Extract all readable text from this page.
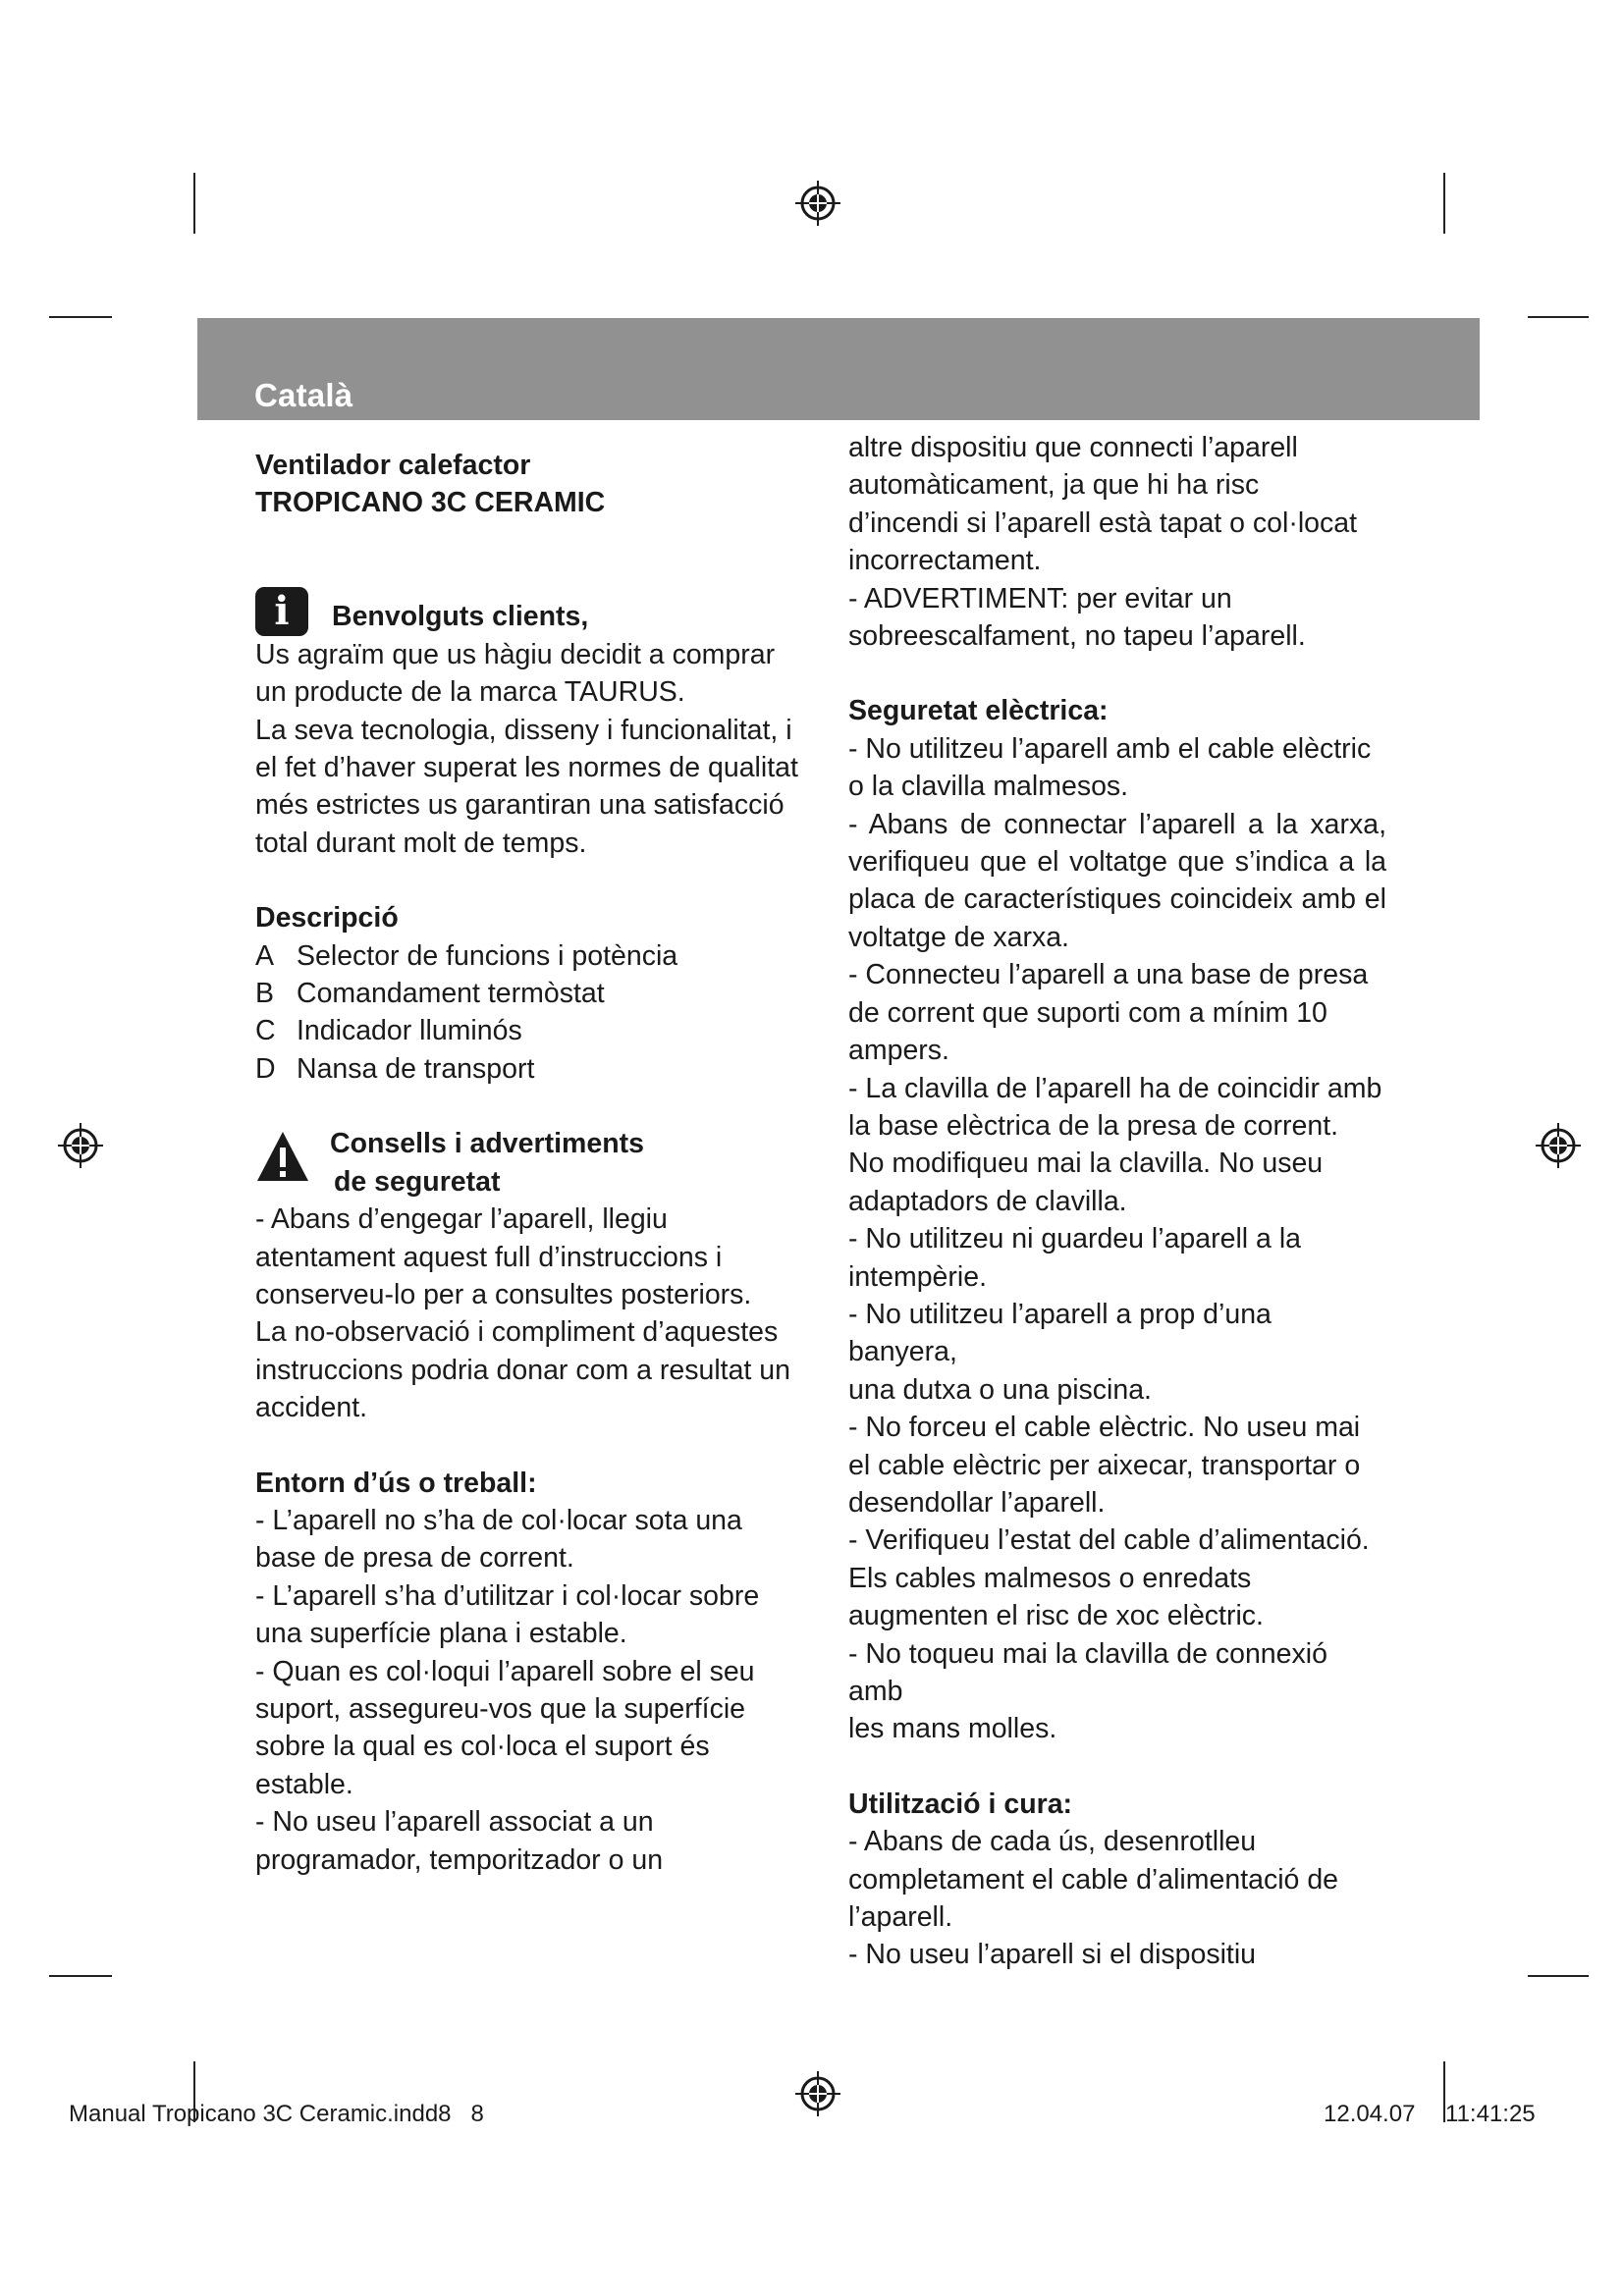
Català

Ventilador calefactor

TROPICANO 3C CERAMIC

i	Benvolguts clients,

Us agraïm que us hàgiu decidit a comprar

un producte de la marca TAURUS.

La seva tecnologia, disseny i funcionalitat, i

el fet d’haver superat les normes de qualitat

més estrictes us garantiran una satisfacció

total durant molt de temps.

Descripció

A Selector de funcions i potència
B Comandament termòstat
C Indicador lluminós
D Nansa de transport

Consells i advertiments

de seguretat

- Abans d’engegar l’aparell, llegiu

atentament aquest full d’instruccions i

conserveu-lo per a consultes posteriors.

La no-observació i compliment d’aquestes

instruccions podria donar com a resultat un

accident.

Entorn d’ús o treball:

- L’aparell no s’ha de col·locar sota una

base de presa de corrent.

- L’aparell s’ha d’utilitzar i col·locar sobre

una superfície plana i estable.

- Quan es col·loqui l’aparell sobre el seu

suport, assegureu-vos que la superfície

sobre la qual es col·loca el suport és

estable.

- No useu l’aparell associat a un

programador, temporitzador o un

altre dispositiu que connecti l’aparell

automàticament, ja que hi ha risc

d’incendi si l’aparell està tapat o col·locat

incorrectament.

- ADVERTIMENT: per evitar un

sobreescalfament, no tapeu l’aparell.

Seguretat elèctrica:

- No utilitzeu l’aparell amb el cable elèctric

o la clavilla malmesos.

- Abans de connectar l’aparell a la xarxa,

verifiqueu que el voltatge que s’indica a la

placa de característiques coincideix amb el

voltatge de xarxa.

- Connecteu l’aparell a una base de presa

de corrent que suporti com a mínim 10

ampers.

- La clavilla de l’aparell ha de coincidir amb

la base elèctrica de la presa de corrent.

No modifiqueu mai la clavilla. No useu

adaptadors de clavilla.

- No utilitzeu ni guardeu l’aparell a la

intempèrie.

- No utilitzeu l’aparell a prop d’una banyera,

una dutxa o una piscina.

- No forceu el cable elèctric. No useu mai

el cable elèctric per aixecar, transportar o

desendollar l’aparell.

- Verifiqueu l’estat del cable d’alimentació.

Els cables malmesos o enredats

augmenten el risc de xoc elèctric.

- No toqueu mai la clavilla de connexió amb

les mans molles.

Utilització i cura:

- Abans de cada ús, desenrotlleu

completament el cable d’alimentació de

l’aparell.

- No useu l’aparell si el dispositiu

Manual Tropicano 3C Ceramic.indd8   8	12.04.07 11:41:25
